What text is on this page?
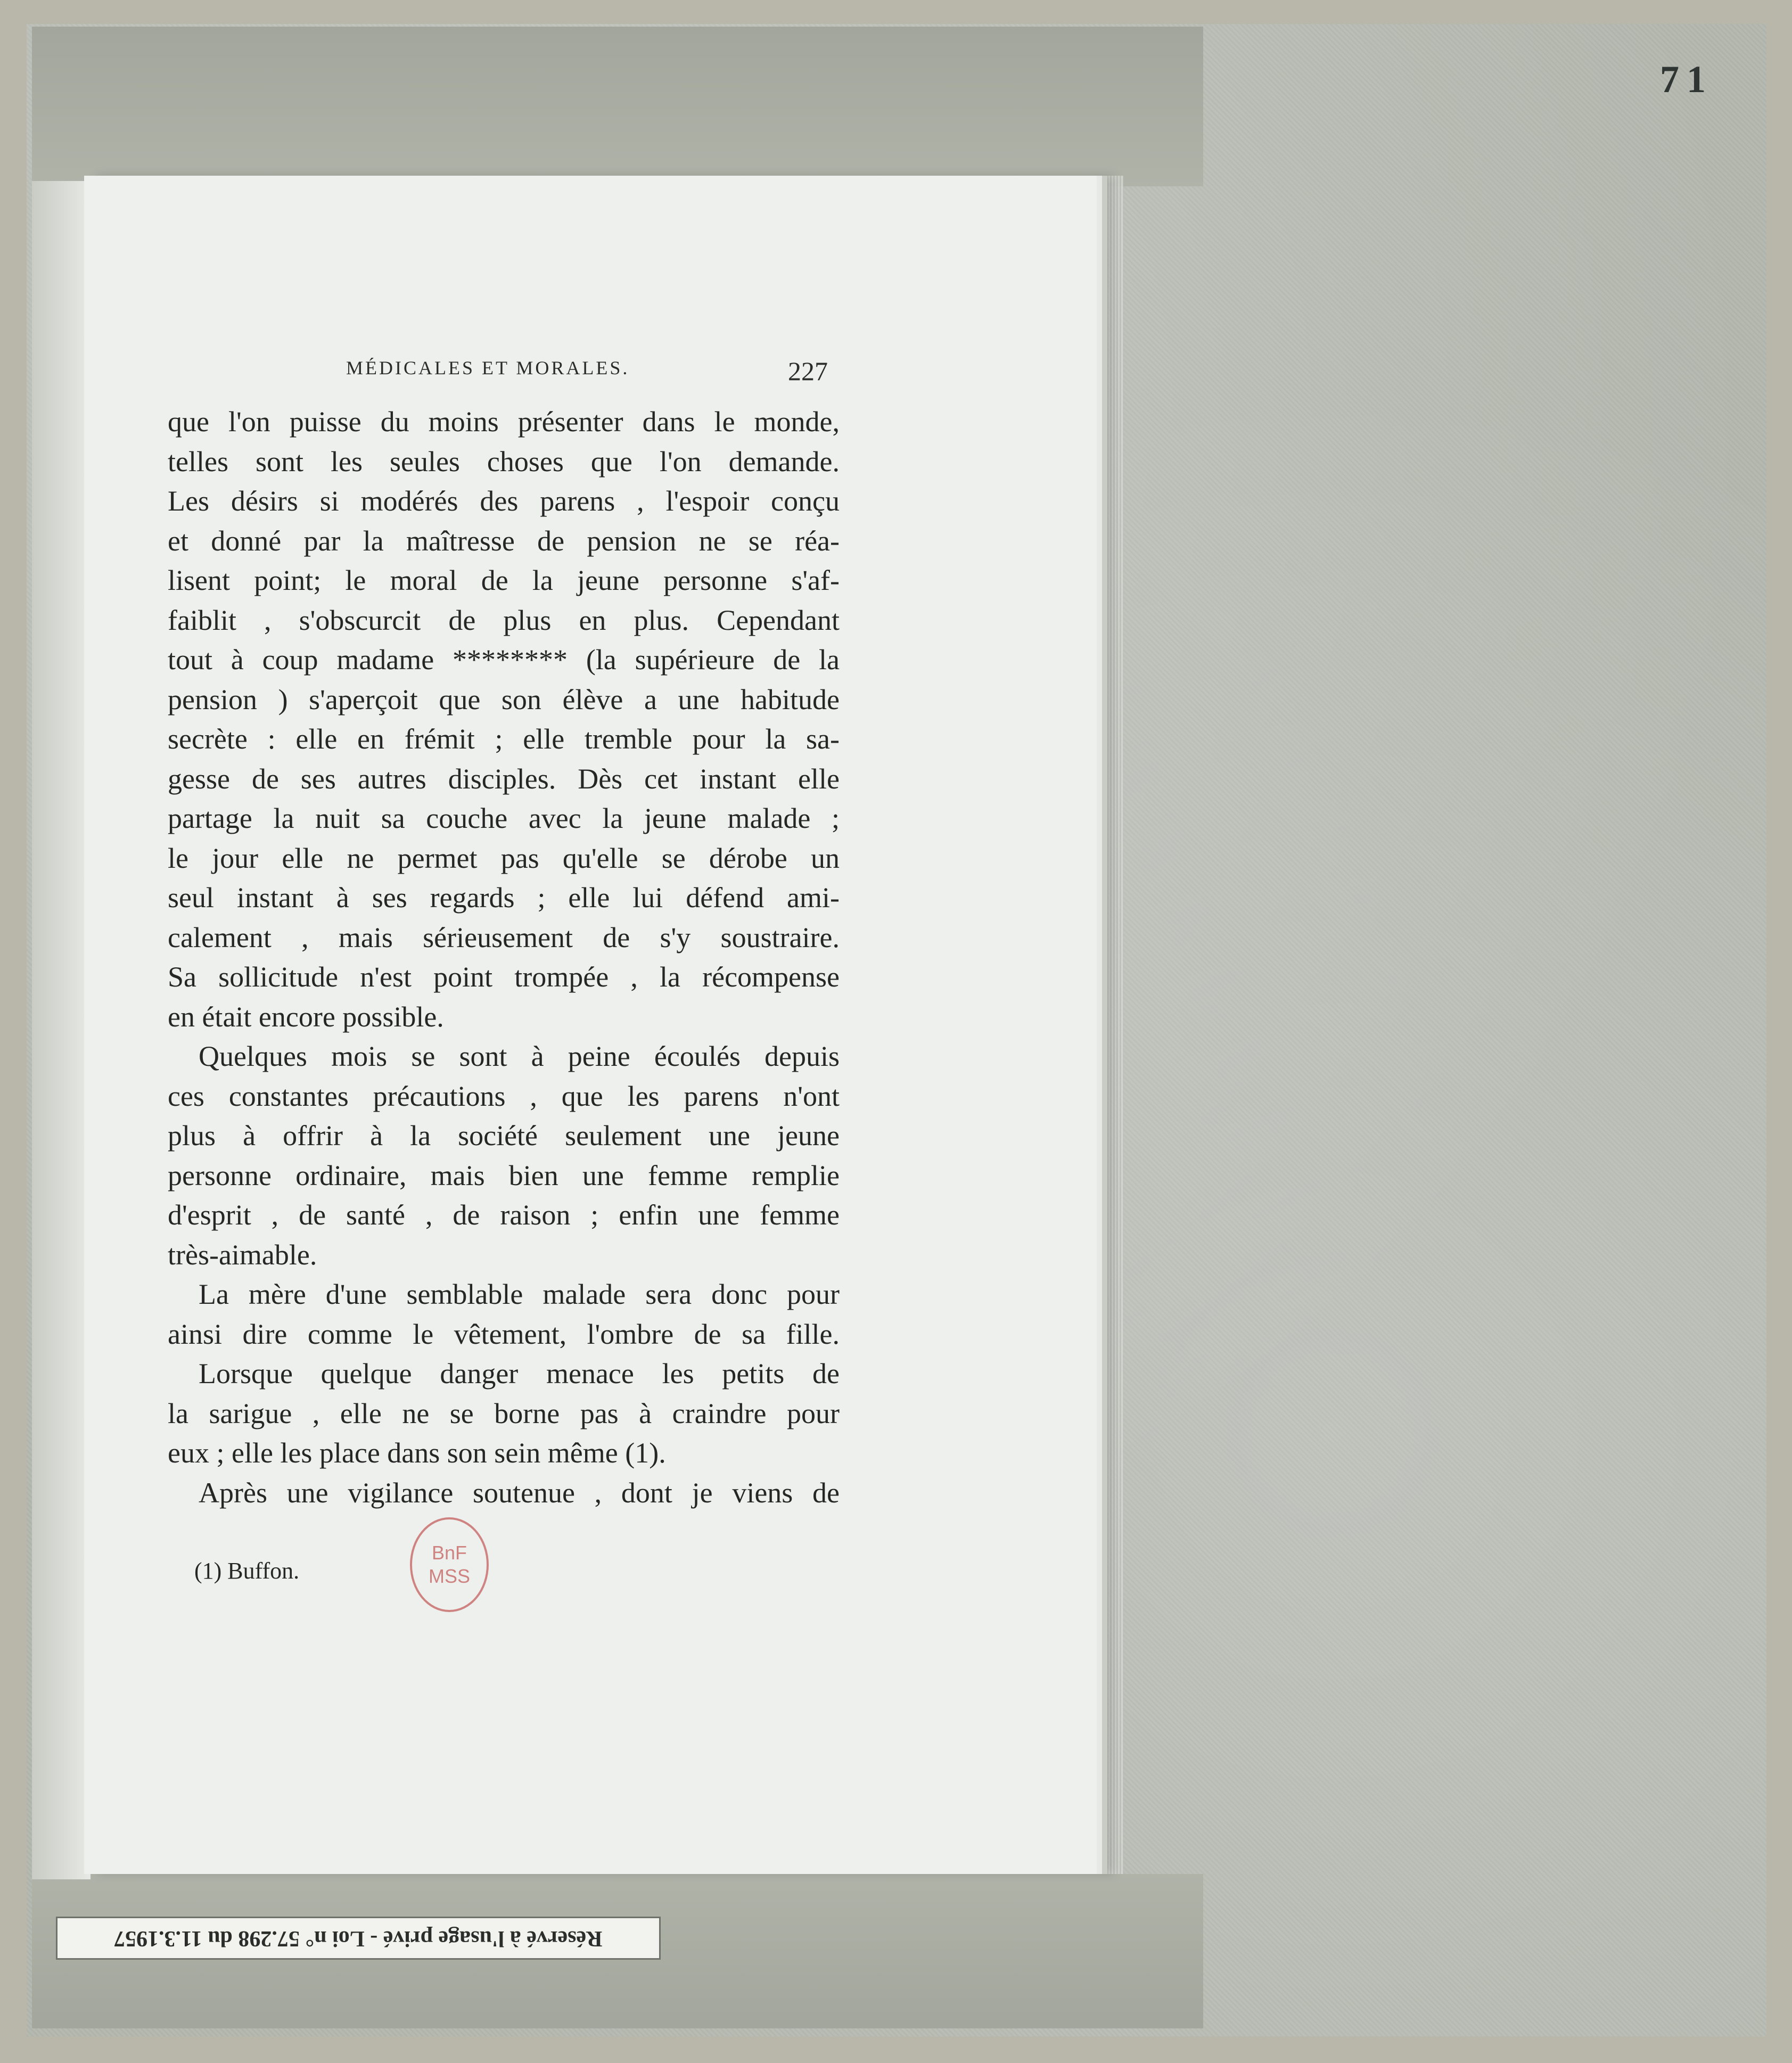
71
MÉDICALES ET MORALES.	227
que l'on puisse du moins présenter dans le monde,
telles sont les seules choses que l'on demande.
Les désirs si modérés des parens , l'espoir conçu
et donné par la maîtresse de pension ne se réa-
lisent point; le moral de la jeune personne s'af-
faiblit , s'obscurcit de plus en plus. Cependant
tout à coup madame ******** (la supérieure de la
pension ) s'aperçoit que son élève a une habitude
secrète : elle en frémit ; elle tremble pour la sa-
gesse de ses autres disciples. Dès cet instant elle
partage la nuit sa couche avec la jeune malade ;
le jour elle ne permet pas qu'elle se dérobe un
seul instant à ses regards ; elle lui défend ami-
calement , mais sérieusement de s'y soustraire.
Sa sollicitude n'est point trompée , la récompense
en était encore possible.
Quelques mois se sont à peine écoulés depuis
ces constantes précautions , que les parens n'ont
plus à offrir à la société seulement une jeune
personne ordinaire, mais bien une femme remplie
d'esprit , de santé , de raison ; enfin une femme
très-aimable.
La mère d'une semblable malade sera donc pour
ainsi dire comme le vêtement, l'ombre de sa fille.
Lorsque quelque danger menace les petits de
la sarigue , elle ne se borne pas à craindre pour
eux ; elle les place dans son sein même (1).
Après une vigilance soutenue , dont je viens de
(1) Buffon.
BnF
MSS
Réservé à l'usage privé - Loi n° 57.298 du 11.3.1957
